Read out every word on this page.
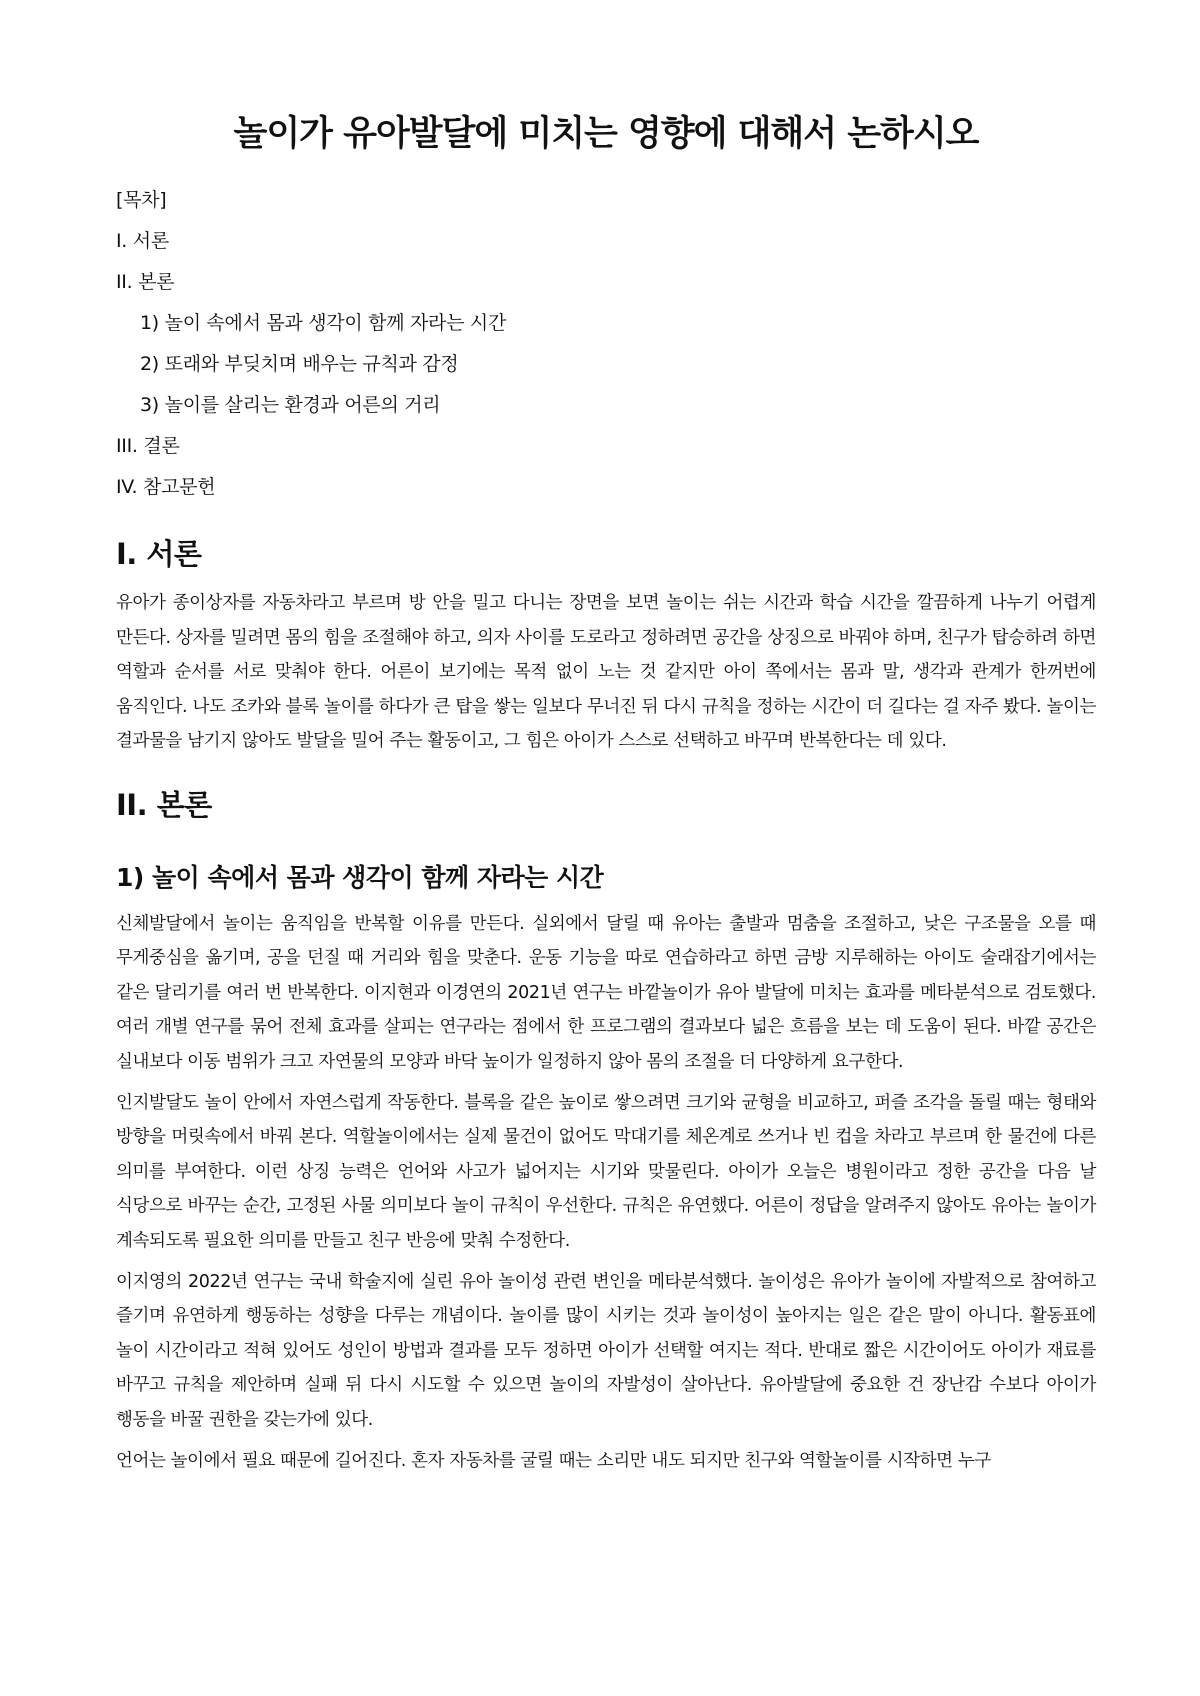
놀이가 유아발달에 미치는 영향에 대해서 논하시오

[목차]

I. 서론

II. 본론

1) 놀이 속에서 몸과 생각이 함께 자라는 시간

2) 또래와 부딪치며 배우는 규칙과 감정

3) 놀이를 살리는 환경과 어른의 거리

III. 결론

IV. 참고문헌

I. 서론

유아가 종이상자를 자동차라고 부르며 방 안을 밀고 다니는 장면을 보면 놀이는 쉬는 시간과 학습 시간을 깔끔하게 나누기 어렵게 만든다. 상자를 밀려면 몸의 힘을 조절해야 하고, 의자 사이를 도로라고 정하려면 공간을 상징으로 바꿔야 하며, 친구가 탑승하려 하면 역할과 순서를 서로 맞춰야 한다. 어른이 보기에는 목적 없이 노는 것 같지만 아이 쪽에서는 몸과 말, 생각과 관계가 한꺼번에 움직인다. 나도 조카와 블록 놀이를 하다가 큰 탑을 쌓는 일보다 무너진 뒤 다시 규칙을 정하는 시간이 더 길다는 걸 자주 봤다. 놀이는 결과물을 남기지 않아도 발달을 밀어 주는 활동이고, 그 힘은 아이가 스스로 선택하고 바꾸며 반복한다는 데 있다.

II. 본론
1) 놀이 속에서 몸과 생각이 함께 자라는 시간

신체발달에서 놀이는 움직임을 반복할 이유를 만든다. 실외에서 달릴 때 유아는 출발과 멈춤을 조절하고, 낮은 구조물을 오를 때 무게중심을 옮기며, 공을 던질 때 거리와 힘을 맞춘다. 운동 기능을 따로 연습하라고 하면 금방 지루해하는 아이도 술래잡기에서는 같은 달리기를 여러 번 반복한다. 이지현과 이경연의 2021년 연구는 바깥놀이가 유아 발달에 미치는 효과를 메타분석으로 검토했다. 여러 개별 연구를 묶어 전체 효과를 살피는 연구라는 점에서 한 프로그램의 결과보다 넓은 흐름을 보는 데 도움이 된다. 바깥 공간은 실내보다 이동 범위가 크고 자연물의 모양과 바닥 높이가 일정하지 않아 몸의 조절을 더 다양하게 요구한다.

인지발달도 놀이 안에서 자연스럽게 작동한다. 블록을 같은 높이로 쌓으려면 크기와 균형을 비교하고, 퍼즐 조각을 돌릴 때는 형태와 방향을 머릿속에서 바꿔 본다. 역할놀이에서는 실제 물건이 없어도 막대기를 체온계로 쓰거나 빈 컵을 차라고 부르며 한 물건에 다른 의미를 부여한다. 이런 상징 능력은 언어와 사고가 넓어지는 시기와 맞물린다. 아이가 오늘은 병원이라고 정한 공간을 다음 날 식당으로 바꾸는 순간, 고정된 사물 의미보다 놀이 규칙이 우선한다. 규칙은 유연했다. 어른이 정답을 알려주지 않아도 유아는 놀이가 계속되도록 필요한 의미를 만들고 친구 반응에 맞춰 수정한다.

이지영의 2022년 연구는 국내 학술지에 실린 유아 놀이성 관련 변인을 메타분석했다. 놀이성은 유아가 놀이에 자발적으로 참여하고 즐기며 유연하게 행동하는 성향을 다루는 개념이다. 놀이를 많이 시키는 것과 놀이성이 높아지는 일은 같은 말이 아니다. 활동표에 놀이 시간이라고 적혀 있어도 성인이 방법과 결과를 모두 정하면 아이가 선택할 여지는 적다. 반대로 짧은 시간이어도 아이가 재료를 바꾸고 규칙을 제안하며 실패 뒤 다시 시도할 수 있으면 놀이의 자발성이 살아난다. 유아발달에 중요한 건 장난감 수보다 아이가 행동을 바꿀 권한을 갖는가에 있다.

언어는 놀이에서 필요 때문에 길어진다. 혼자 자동차를 굴릴 때는 소리만 내도 되지만 친구와 역할놀이를 시작하면 누구
